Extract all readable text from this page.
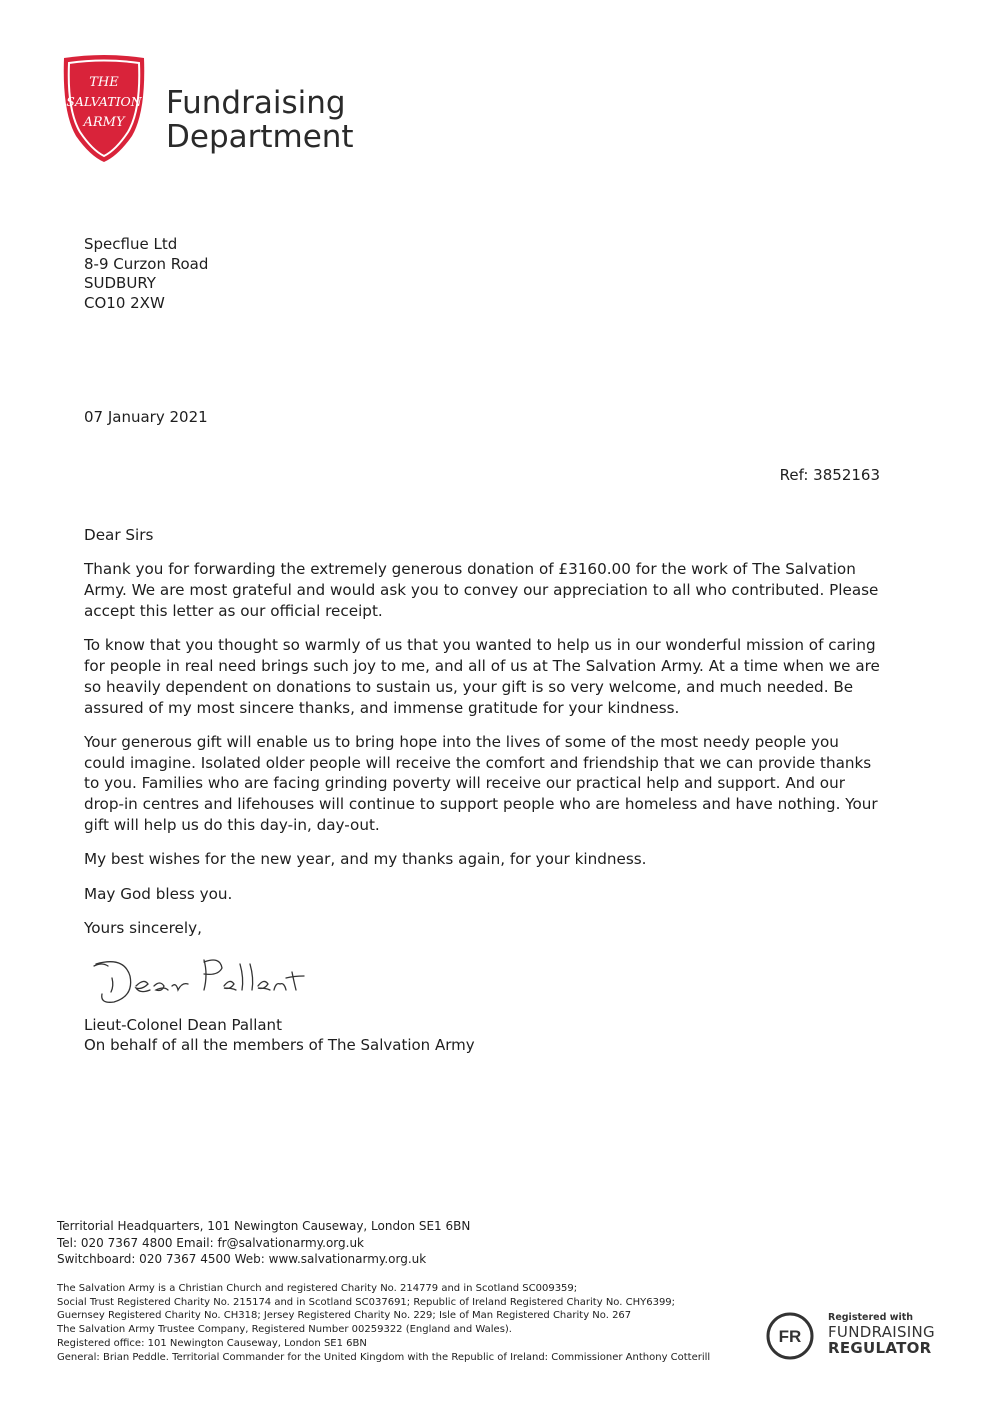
THE
SALVATION
ARMY
Fundraising
Department
Specflue Ltd
8-9 Curzon Road
SUDBURY
CO10 2XW
07 January 2021
Ref: 3852163

Dear Sirs

Thank you for forwarding the extremely generous donation of £3160.00 for the work of The Salvation Army. We are most grateful and would ask you to convey our appreciation to all who contributed. Please accept this letter as our official receipt.

To know that you thought so warmly of us that you wanted to help us in our wonderful mission of caring for people in real need brings such joy to me, and all of us at The Salvation Army. At a time when we are so heavily dependent on donations to sustain us, your gift is so very welcome, and much needed. Be assured of my most sincere thanks, and immense gratitude for your kindness.

Your generous gift will enable us to bring hope into the lives of some of the most needy people you could imagine. Isolated older people will receive the comfort and friendship that we can provide thanks to you. Families who are facing grinding poverty will receive our practical help and support. And our drop-in centres and lifehouses will continue to support people who are homeless and have nothing. Your gift will help us do this day-in, day-out.

My best wishes for the new year, and my thanks again, for your kindness.

May God bless you.

Yours sincerely,

Lieut-Colonel Dean Pallant
On behalf of all the members of The Salvation Army
Territorial Headquarters, 101 Newington Causeway, London SE1 6BN
Tel: 020 7367 4800 Email: fr@salvationarmy.org.uk
Switchboard: 020 7367 4500 Web: www.salvationarmy.org.uk
The Salvation Army is a Christian Church and registered Charity No. 214779 and in Scotland SC009359;
Social Trust Registered Charity No. 215174 and in Scotland SC037691; Republic of Ireland Registered Charity No. CHY6399;
Guernsey Registered Charity No. CH318; Jersey Registered Charity No. 229; Isle of Man Registered Charity No. 267
The Salvation Army Trustee Company, Registered Number 00259322 (England and Wales).
Registered office: 101 Newington Causeway, London SE1 6BN
General: Brian Peddle. Territorial Commander for the United Kingdom with the Republic of Ireland: Commissioner Anthony Cotterill
FR
Registered with
FUNDRAISING
REGULATOR
